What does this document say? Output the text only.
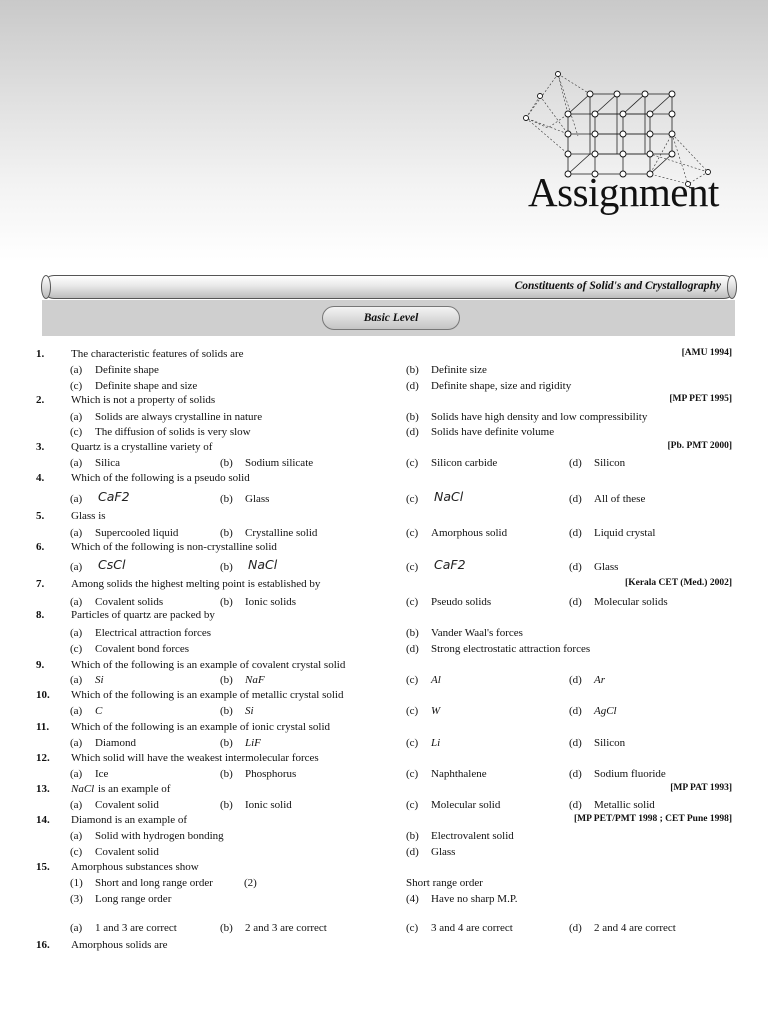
Assignment
Constituents of Solid's and Crystallography
Basic Level
1. The characteristic features of solids are	[AMU 1994]
(a) Definite shape	(b) Definite size
(c) Definite shape and size	(d) Definite shape, size and rigidity
2. Which is not a property of solids	[MP PET 1995]
(a) Solids are always crystalline in nature	(b) Solids have high density and low compressibility
(c) The diffusion of solids is very slow	(d) Solids have definite volume
3. Quartz is a crystalline variety of	[Pb. PMT 2000]
(a) Silica	(b) Sodium silicate	(c) Silicon carbide	(d) Silicon
4. Which of the following is a pseudo solid
(a) CaF2	(b) Glass	(c) NaCl	(d) All of these
5. Glass is
(a) Supercooled liquid	(b) Crystalline solid	(c) Amorphous solid	(d) Liquid crystal
6. Which of the following is non-crystalline solid
(a) CsCl	(b) NaCl	(c) CaF2	(d) Glass
7. Among solids the highest melting point is established by	[Kerala CET (Med.) 2002]
(a) Covalent solids	(b) Ionic solids	(c) Pseudo solids	(d) Molecular solids
8. Particles of quartz are packed by
(a) Electrical attraction forces	(b) Vander Waal's forces
(c) Covalent bond forces	(d) Strong electrostatic attraction forces
9. Which of the following is an example of covalent crystal solid
(a) Si	(b) NaF	(c) Al	(d) Ar
10. Which of the following is an example of metallic crystal solid
(a) C	(b) Si	(c) W	(d) AgCl
11. Which of the following is an example of ionic crystal solid
(a) Diamond	(b) LiF	(c) Li	(d) Silicon
12. Which solid will have the weakest intermolecular forces
(a) Ice	(b) Phosphorus	(c) Naphthalene	(d) Sodium fluoride
13. NaCl is an example of	[MP PAT 1993]
(a) Covalent solid	(b) Ionic solid	(c) Molecular solid	(d) Metallic solid
14. Diamond is an example of	[MP PET/PMT 1998 ; CET Pune 1998]
(a) Solid with hydrogen bonding	(b) Electrovalent solid
(c) Covalent solid	(d) Glass
15. Amorphous substances show
(1) Short and long range order	(2)	Short range order
(3) Long range order	(4) Have no sharp M.P.
(a) 1 and 3 are correct	(b) 2 and 3 are correct	(c) 3 and 4 are correct	(d) 2 and 4 are correct
16. Amorphous solids are
